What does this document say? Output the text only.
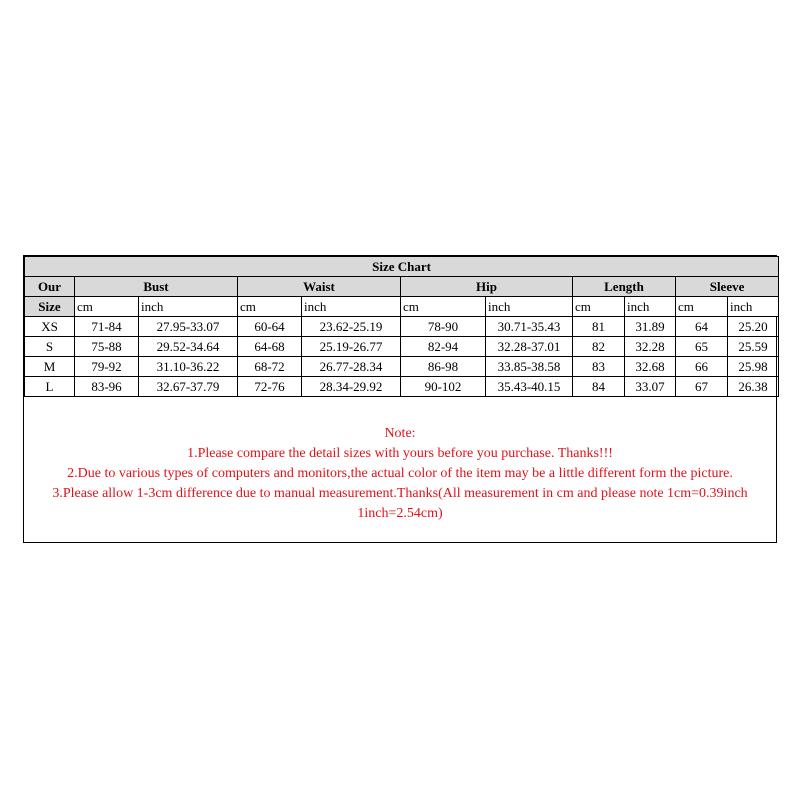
Size Chart										
Our	Bust		Waist		Hip		Length		Sleeve	
Size	cm	inch	cm	inch	cm	inch	cm	inch	cm	inch
XS	71-84	27.95-33.07	60-64	23.62-25.19	78-90	30.71-35.43	81	31.89	64	25.20
S	75-88	29.52-34.64	64-68	25.19-26.77	82-94	32.28-37.01	82	32.28	65	25.59
M	79-92	31.10-36.22	68-72	26.77-28.34	86-98	33.85-38.58	83	32.68	66	25.98
L	83-96	32.67-37.79	72-76	28.34-29.92	90-102	35.43-40.15	84	33.07	67	26.38
Note:
1.Please compare the detail sizes with yours before you purchase. Thanks!!!
2.Due to various types of computers and monitors,the actual color of the item may be a little different form the picture.
3.Please allow 1-3cm difference due to manual measurement.Thanks(All measurement in cm and please note 1cm=0.39inch
1inch=2.54cm)
